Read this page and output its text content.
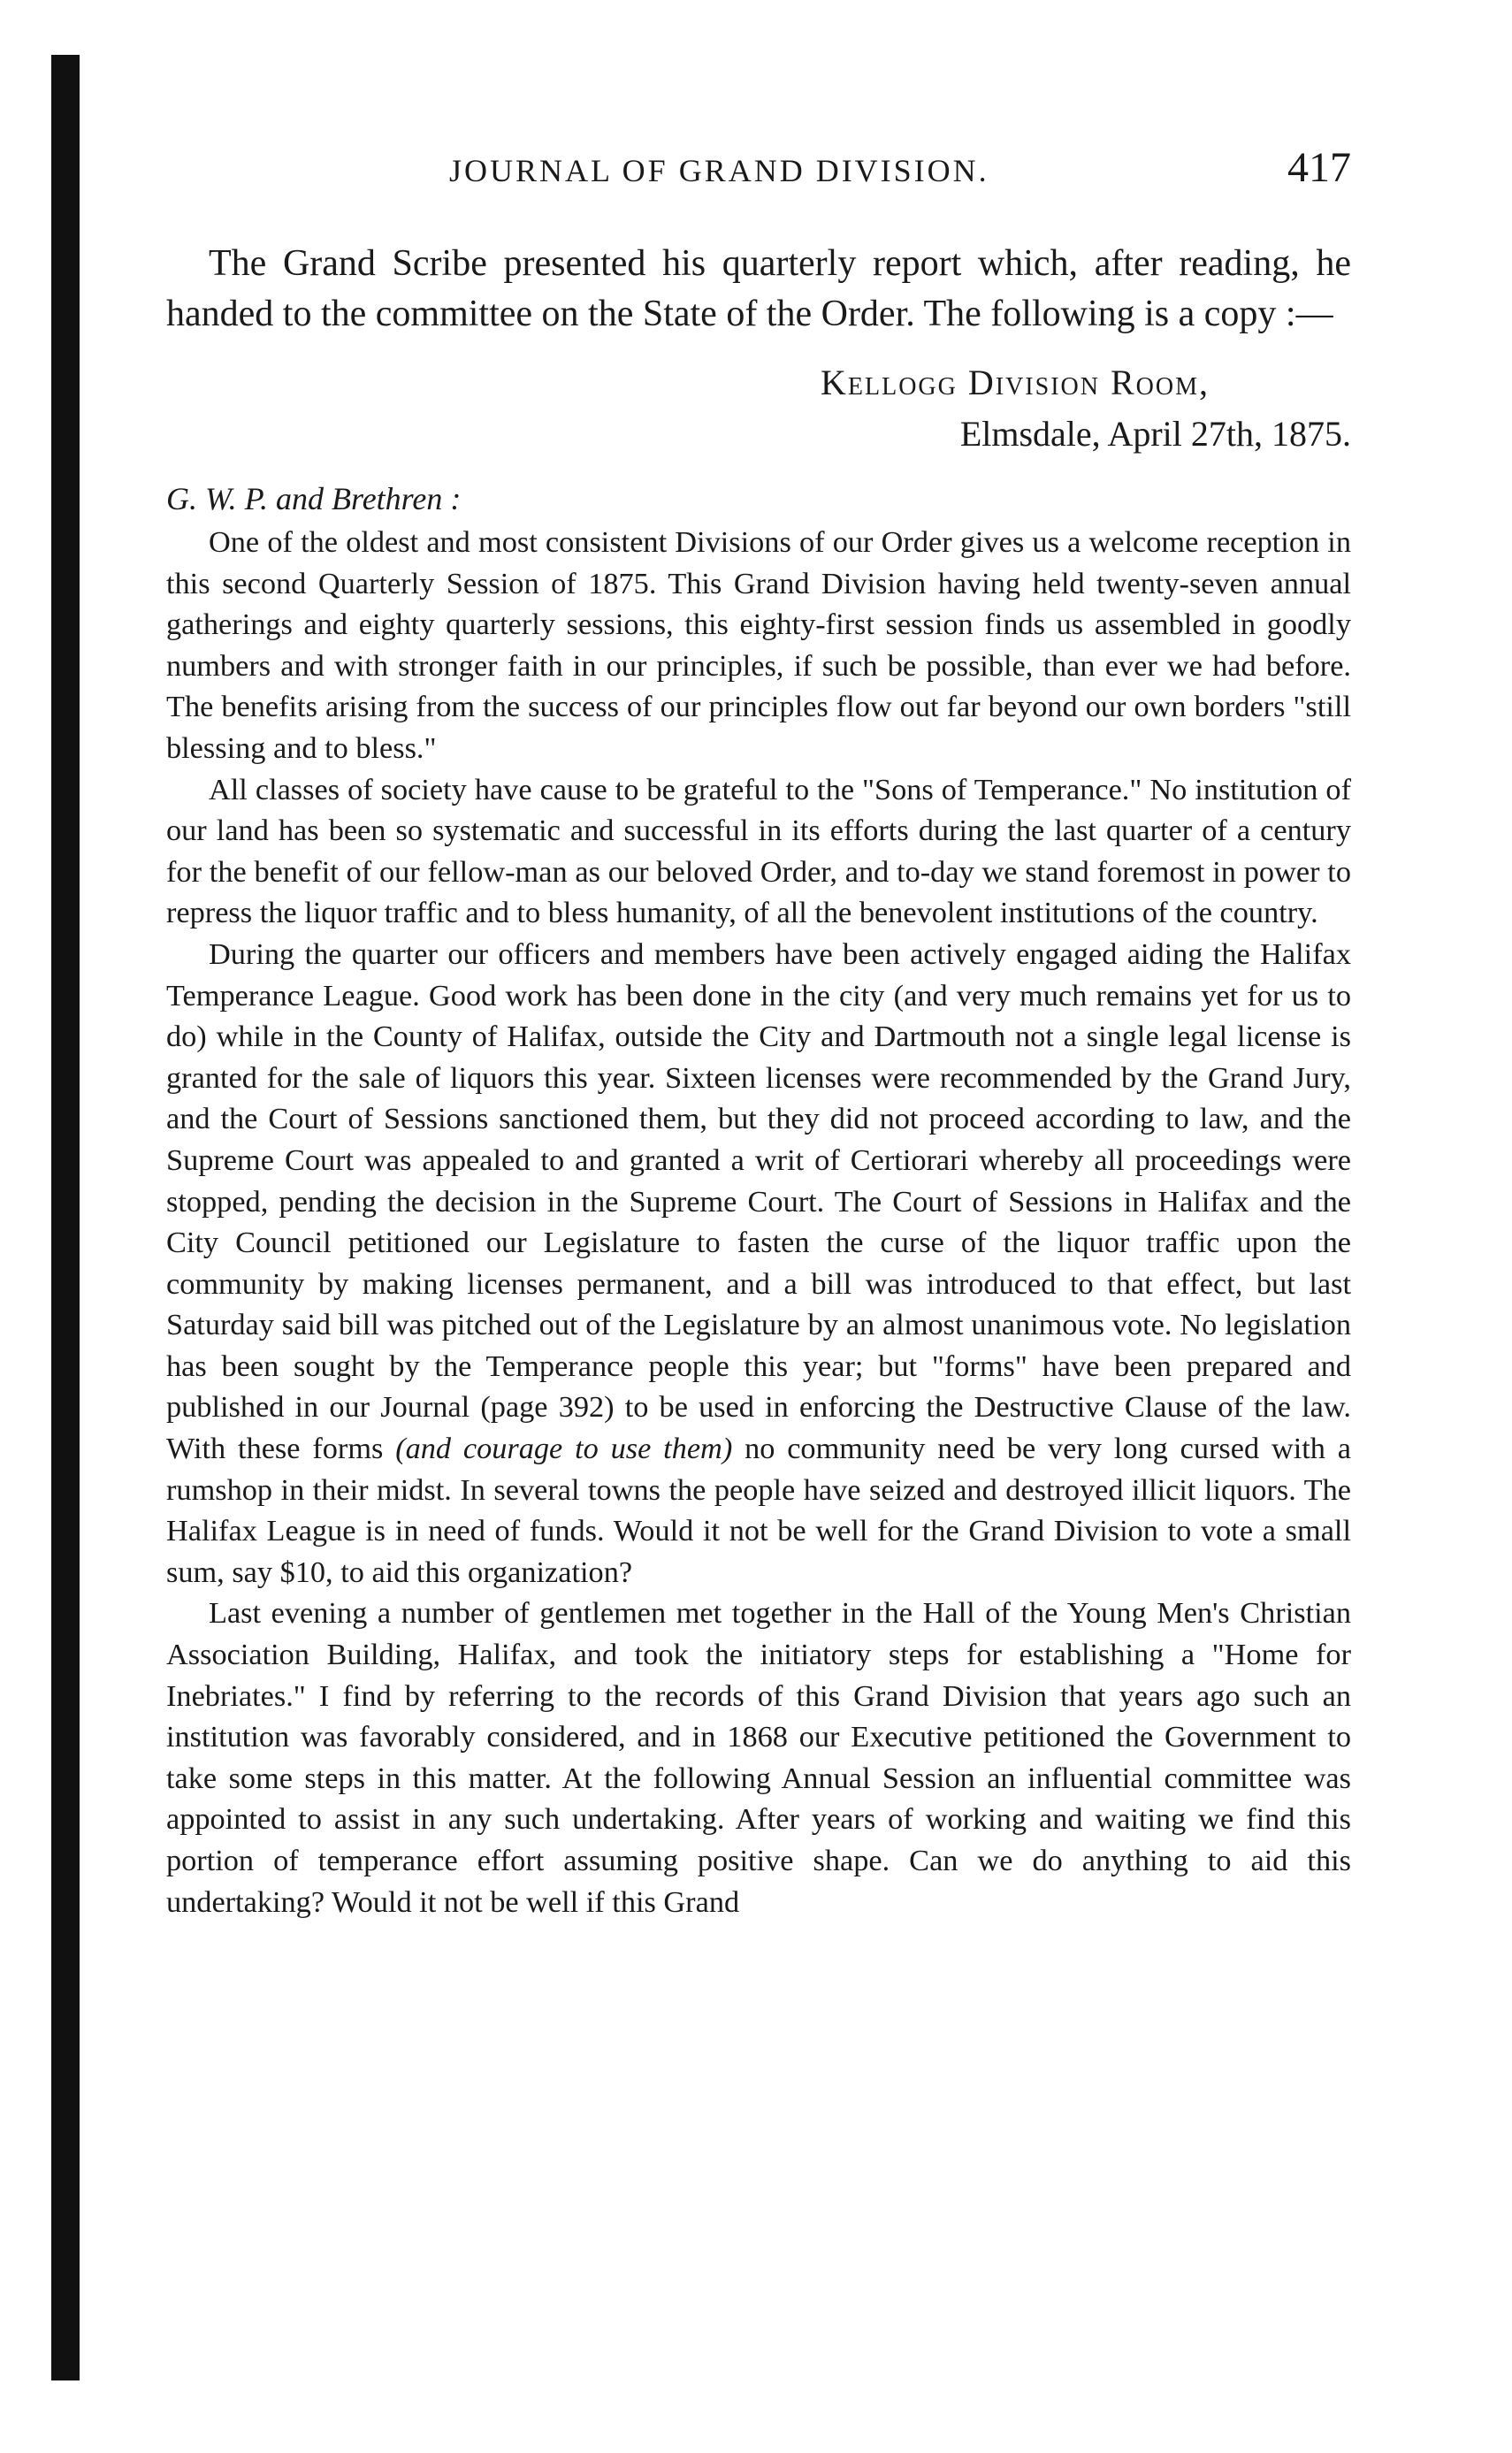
JOURNAL OF GRAND DIVISION.	417

The Grand Scribe presented his quarterly report which, after reading, he handed to the committee on the State of the Order. The following is a copy :—

Kellogg Division Room,
Elmsdale, April 27th, 1875.
G. W. P. and Brethren :

One of the oldest and most consistent Divisions of our Order gives us a welcome reception in this second Quarterly Session of 1875. This Grand Division having held twenty-seven annual gatherings and eighty quarterly sessions, this eighty-first session finds us assembled in goodly numbers and with stronger faith in our principles, if such be possible, than ever we had before. The benefits arising from the success of our principles flow out far beyond our own borders "still blessing and to bless."

All classes of society have cause to be grateful to the "Sons of Temperance." No institution of our land has been so systematic and successful in its efforts during the last quarter of a century for the benefit of our fellow-man as our beloved Order, and to-day we stand foremost in power to repress the liquor traffic and to bless humanity, of all the benevolent institutions of the country.

During the quarter our officers and members have been actively engaged aiding the Halifax Temperance League. Good work has been done in the city (and very much remains yet for us to do) while in the County of Halifax, outside the City and Dartmouth not a single legal license is granted for the sale of liquors this year. Sixteen licenses were recommended by the Grand Jury, and the Court of Sessions sanctioned them, but they did not proceed according to law, and the Supreme Court was appealed to and granted a writ of Certiorari whereby all proceedings were stopped, pending the decision in the Supreme Court. The Court of Sessions in Halifax and the City Council petitioned our Legislature to fasten the curse of the liquor traffic upon the community by making licenses permanent, and a bill was introduced to that effect, but last Saturday said bill was pitched out of the Legislature by an almost unanimous vote. No legislation has been sought by the Temperance people this year; but "forms" have been prepared and published in our Journal (page 392) to be used in enforcing the Destructive Clause of the law. With these forms (and courage to use them) no community need be very long cursed with a rumshop in their midst. In several towns the people have seized and destroyed illicit liquors. The Halifax League is in need of funds. Would it not be well for the Grand Division to vote a small sum, say $10, to aid this organization?

Last evening a number of gentlemen met together in the Hall of the Young Men's Christian Association Building, Halifax, and took the initiatory steps for establishing a "Home for Inebriates." I find by referring to the records of this Grand Division that years ago such an institution was favorably considered, and in 1868 our Executive petitioned the Government to take some steps in this matter. At the following Annual Session an influential committee was appointed to assist in any such undertaking. After years of working and waiting we find this portion of temperance effort assuming positive shape. Can we do anything to aid this undertaking? Would it not be well if this Grand
